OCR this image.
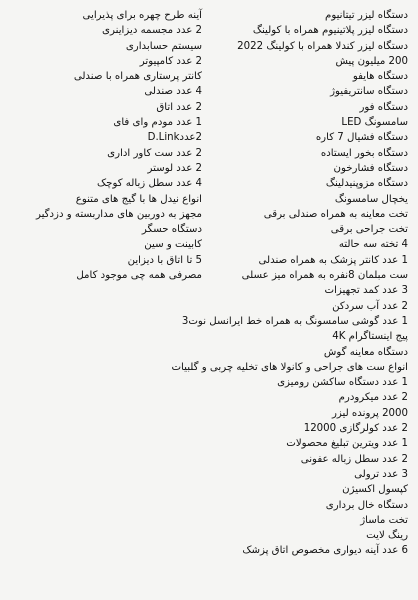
دستگاه لیزر تیتانیوم
دستگاه لیزر پلاتینیوم همراه با کولینگ
دستگاه لیزر کندلا همراه با کولینگ 2022
200 میلیون پیش
دستگاه هایفو
دستگاه سانتریفیوژ
دستگاه فور
LED سامسونگ
دستگاه فشیال 7 کاره
دستگاه بخور ایستاده
دستگاه فشارخون
دستگاه مزوپنیدلینگ
یخچال سامسونگ
تخت معاینه به همراه صندلی برقی
تخت جراحی برقی
4 تخته سه حالته
1 عدد کانتر پزشک به همراه صندلی
ست مبلمان 8نفره به همراه میز عسلی
3 عدد کمد تجهیزات
2 عدد آب سردکن
1 عدد گوشی سامسونگ به همراه خط ایرانسل نوت3
پیج اینستاگرام 4K
دستگاه معاینه گوش
انواع ست های جراحی و کانولا های تخلیه چربی و گلبیات
1 عدد دستگاه ساکشن رومیزی
2 عدد میکرودرم
2000 پرونده لیزر
2 عدد کولرگازی 12000
1 عدد ویترین تبلیغ محصولات
2 عدد سطل زباله عفونی
3 عدد ترولی
کپسول اکسیژن
دستگاه خال برداری
تخت ماساژ
رینگ لایت
6 عدد آینه دیواری مخصوص اتاق پزشک
آینه طرح چهره برای پذیرایی
2 عدد مجسمه دیزاینری
سیستم حسابداری
2 عدد کامپیوتر
کانتر پرستاری همراه با صندلی
4 عدد صندلی
2 عدد اتاق
1 عدد مودم وای فای
2عددD.Link
2 عدد ست کاور اداری
2 عدد لوستر
4 عدد سطل زباله کوچک
انواع نیدل ها با گیج های متنوع
مجهز به دوربین های مداربسته و دزدگیر
دستگاه حسگر
کابینت و سین
5 تا اتاق با دیزاین
مصرفی همه چی موجود کامل
